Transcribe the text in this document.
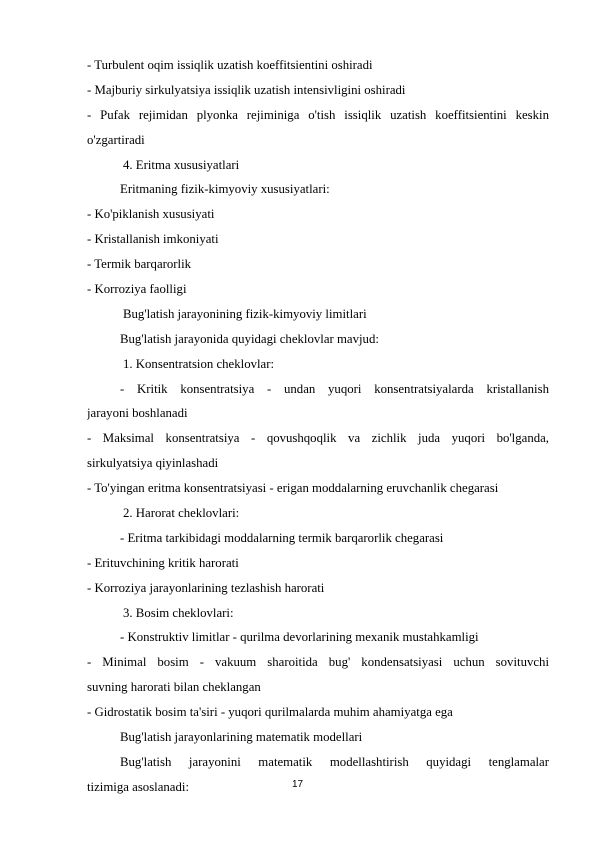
- Turbulent oqim issiqlik uzatish koeffitsientini oshiradi
- Majburiy sirkulyatsiya issiqlik uzatish intensivligini oshiradi
- Pufak rejimidan plyonka rejiminiga o'tish issiqlik uzatish koeffitsientini keskin
o'zgartiradi
4. Eritma xususiyatlari
Eritmaning fizik-kimyoviy xususiyatlari:
- Ko'piklanish xususiyati
- Kristallanish imkoniyati
- Termik barqarorlik
- Korroziya faolligi
Bug'latish jarayonining fizik-kimyoviy limitlari
Bug'latish jarayonida quyidagi cheklovlar mavjud:
1. Konsentratsion cheklovlar:
- Kritik konsentratsiya - undan yuqori konsentratsiyalarda kristallanish
jarayoni boshlanadi
- Maksimal konsentratsiya - qovushqoqlik va zichlik juda yuqori bo'lganda,
sirkulyatsiya qiyinlashadi
- To'yingan eritma konsentratsiyasi - erigan moddalarning eruvchanlik chegarasi
2. Harorat cheklovlari:
- Eritma tarkibidagi moddalarning termik barqarorlik chegarasi
- Erituvchining kritik harorati
- Korroziya jarayonlarining tezlashish harorati
3. Bosim cheklovlari:
- Konstruktiv limitlar - qurilma devorlarining mexanik mustahkamligi
- Minimal bosim - vakuum sharoitida bug' kondensatsiyasi uchun sovituvchi
suvning harorati bilan cheklangan
- Gidrostatik bosim ta'siri - yuqori qurilmalarda muhim ahamiyatga ega
Bug'latish jarayonlarining matematik modellari
Bug'latish jarayonini matematik modellashtirish quyidagi tenglamalar
tizimiga asoslanadi:	17
